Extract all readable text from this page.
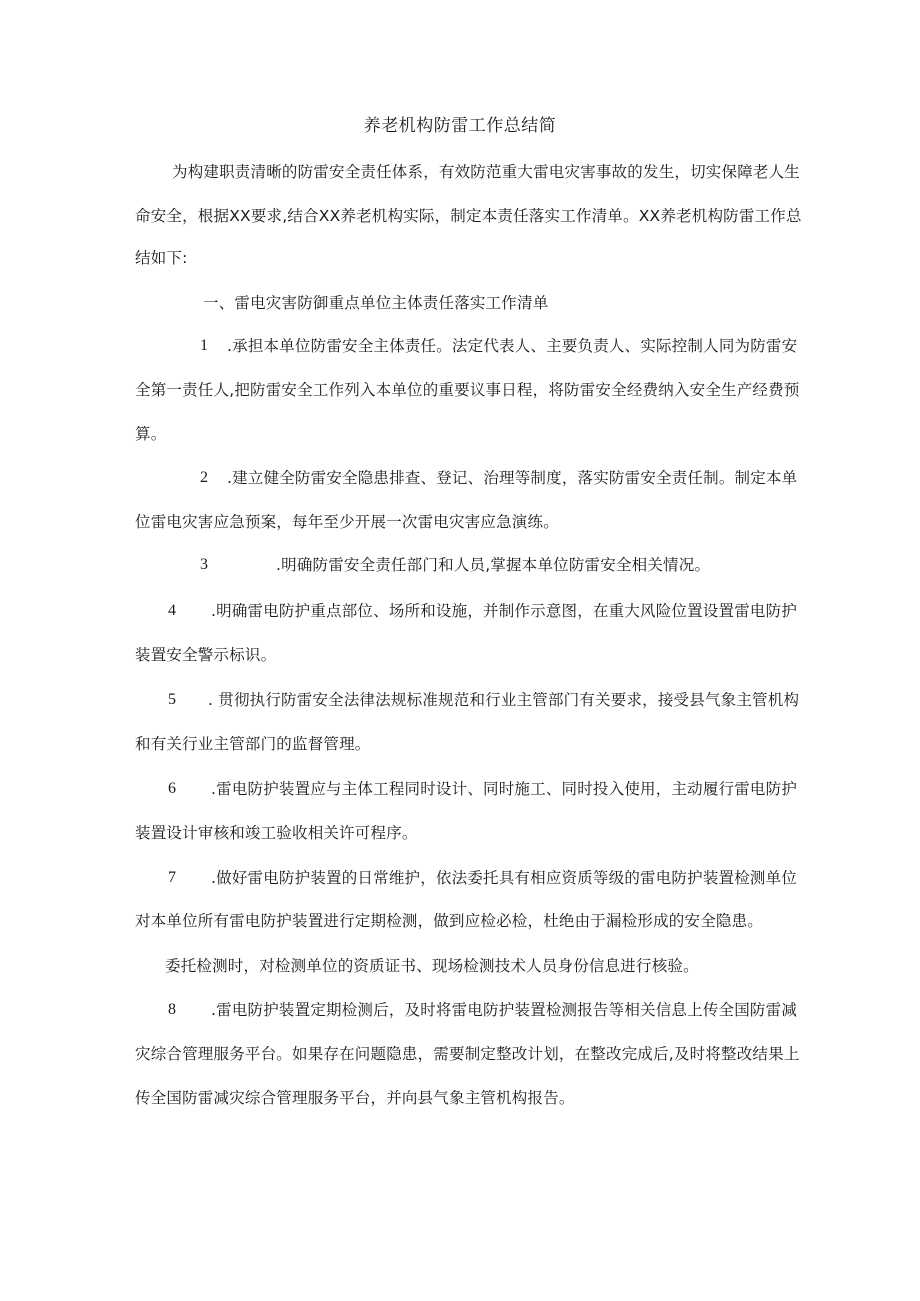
养老机构防雷工作总结简
为构建职责清晰的防雷安全责任体系，有效防范重大雷电灾害事故的发生，切实保障老人生
命安全，根据XX要求,结合XX养老机构实际，制定本责任落实工作清单。XX养老机构防雷工作总
结如下:
一、雷电灾害防御重点单位主体责任落实工作清单
1 .承担本单位防雷安全主体责任。法定代表人、主要负责人、实际控制人同为防雷安
全第一责任人,把防雷安全工作列入本单位的重要议事日程，将防雷安全经费纳入安全生产经费预
算。
2 .建立健全防雷安全隐患排查、登记、治理等制度，落实防雷安全责任制。制定本单
位雷电灾害应急预案，每年至少开展一次雷电灾害应急演练。
3	.明确防雷安全责任部门和人员,掌握本单位防雷安全相关情况。
4 .明确雷电防护重点部位、场所和设施，并制作示意图，在重大风险位置设置雷电防护
装置安全警示标识。
5 . 贯彻执行防雷安全法律法规标准规范和行业主管部门有关要求，接受县气象主管机构
和有关行业主管部门的监督管理。
6 .雷电防护装置应与主体工程同时设计、同时施工、同时投入使用，主动履行雷电防护
装置设计审核和竣工验收相关许可程序。
7 .做好雷电防护装置的日常维护，依法委托具有相应资质等级的雷电防护装置检测单位
对本单位所有雷电防护装置进行定期检测，做到应检必检，杜绝由于漏检形成的安全隐患。
委托检测时，对检测单位的资质证书、现场检测技术人员身份信息进行核验。
8 .雷电防护装置定期检测后，及时将雷电防护装置检测报告等相关信息上传全国防雷减
灾综合管理服务平台。如果存在问题隐患，需要制定整改计划，在整改完成后,及时将整改结果上
传全国防雷减灾综合管理服务平台，并向县气象主管机构报告。
